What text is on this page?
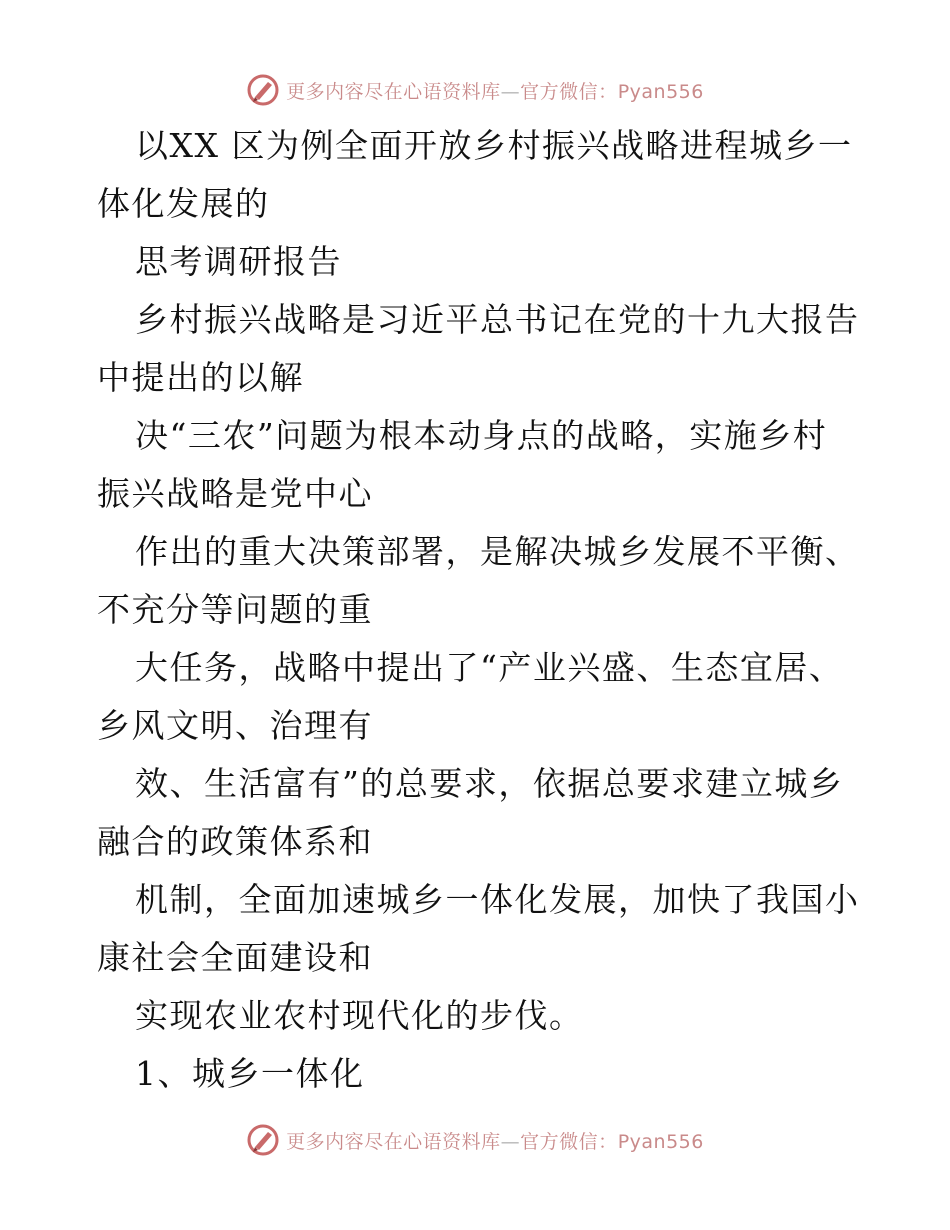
更多内容尽在心语资料库—官方微信：Pyan556
以XX 区为例全面开放乡村振兴战略进程城乡一
体化发展的
思考调研报告
乡村振兴战略是习近平总书记在党的十九大报告
中提出的以解
决“三农”问题为根本动身点的战略，实施乡村
振兴战略是党中心
作出的重大决策部署，是解决城乡发展不平衡、
不充分等问题的重
大任务，战略中提出了“产业兴盛、生态宜居、
乡风文明、治理有
效、生活富有”的总要求，依据总要求建立城乡
融合的政策体系和
机制，全面加速城乡一体化发展，加快了我国小
康社会全面建设和
实现农业农村现代化的步伐。
1、城乡一体化
更多内容尽在心语资料库—官方微信：Pyan556
